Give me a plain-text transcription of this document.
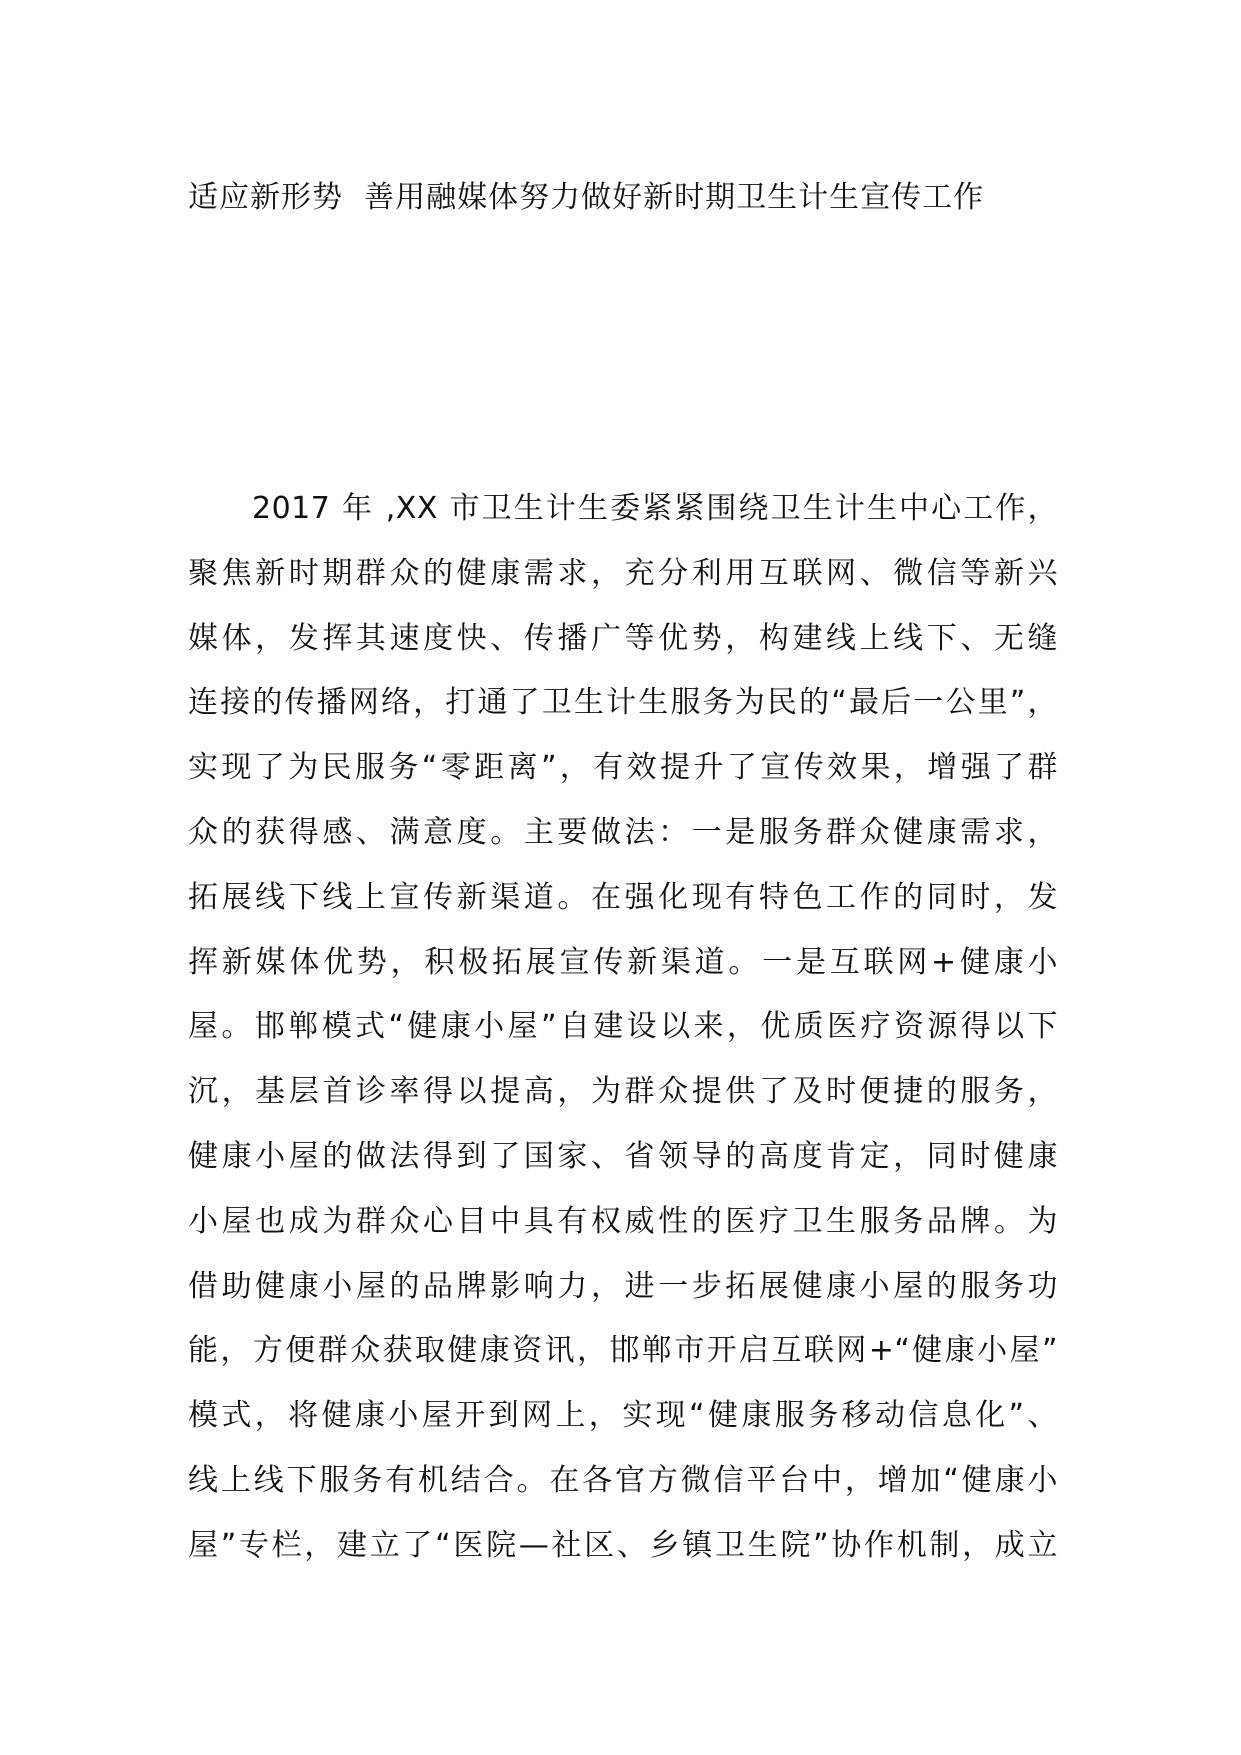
适应新形势  善用融媒体努力做好新时期卫生计生宣传工作
2017 年 ,XX 市卫生计生委紧紧围绕卫生计生中心工作，
聚焦新时期群众的健康需求，充分利用互联网、微信等新兴
媒体，发挥其速度快、传播广等优势，构建线上线下、无缝
连接的传播网络，打通了卫生计生服务为民的“最后一公里”，
实现了为民服务“零距离”，有效提升了宣传效果，增强了群
众的获得感、满意度。主要做法：一是服务群众健康需求，
拓展线下线上宣传新渠道。在强化现有特色工作的同时，发
挥新媒体优势，积极拓展宣传新渠道。一是互联网+健康小
屋。邯郸模式“健康小屋”自建设以来，优质医疗资源得以下
沉，基层首诊率得以提高，为群众提供了及时便捷的服务，
健康小屋的做法得到了国家、省领导的高度肯定，同时健康
小屋也成为群众心目中具有权威性的医疗卫生服务品牌。为
借助健康小屋的品牌影响力，进一步拓展健康小屋的服务功
能，方便群众获取健康资讯，邯郸市开启互联网+“健康小屋”
模式，将健康小屋开到网上，实现“健康服务移动信息化”、
线上线下服务有机结合。在各官方微信平台中，增加“健康小
屋”专栏，建立了“医院—社区、乡镇卫生院”协作机制，成立
